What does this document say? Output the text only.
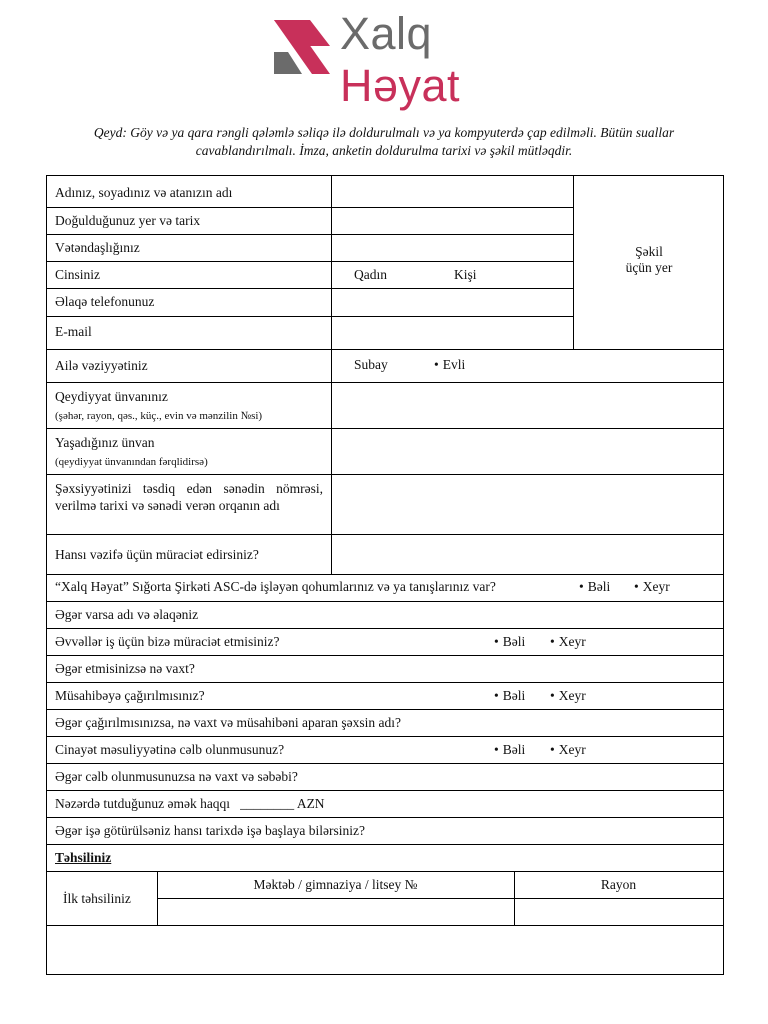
Xalq
Həyat
Qeyd: Göy və ya qara rəngli qələmlə səliqə ilə doldurulmalı və ya kompyuterdə çap edilməli. Bütün suallar cavablandırılmalı. İmza, anketin doldurulma tarixi və şəkil mütləqdir.
Şəkil
üçün yer
Adınız, soyadınız və atanızın adı
Doğulduğunuz yer və tarix
Vətəndaşlığınız
Cinsiniz	Qadın	Kişi
Əlaqə telefonunuz
E-mail
Ailə vəziyyətiniz	Subay	• Evli
Qeydiyyat ünvanınız
(şəhər, rayon, qəs., küç., evin və mənzilin №si)
Yaşadığınız ünvan
(qeydiyyat ünvanından fərqlidirsə)
Şəxsiyyətinizi təsdiq edən sənədin nömrəsi, verilmə tarixi və sənədi verən orqanın adı
Hansı vəzifə üçün müraciət edirsiniz?
“Xalq Həyat” Sığorta Şirkəti ASC-də işləyən qohumlarınız və ya tanışlarınız var?	• Bəli	• Xeyr
Əgər varsa adı və əlaqəniz
Əvvəllər iş üçün bizə müraciət etmisiniz?	• Bəli	• Xeyr
Əgər etmisinizsə nə vaxt?
Müsahibəyə çağırılmısınız?	• Bəli	• Xeyr
Əgər çağırılmısınızsa, nə vaxt və müsahibəni aparan şəxsin adı?
Cinayət məsuliyyətinə cəlb olunmusunuz?	• Bəli	• Xeyr
Əgər cəlb olunmusunuzsa nə vaxt və səbəbi?
Nəzərdə tutduğunuz əmək haqqı   ________ AZN
Əgər işə götürülsəniz hansı tarixdə işə başlaya bilərsiniz?
Təhsiliniz
İlk təhsiliniz
Məktəb / gimnaziya / litsey №	Rayon
